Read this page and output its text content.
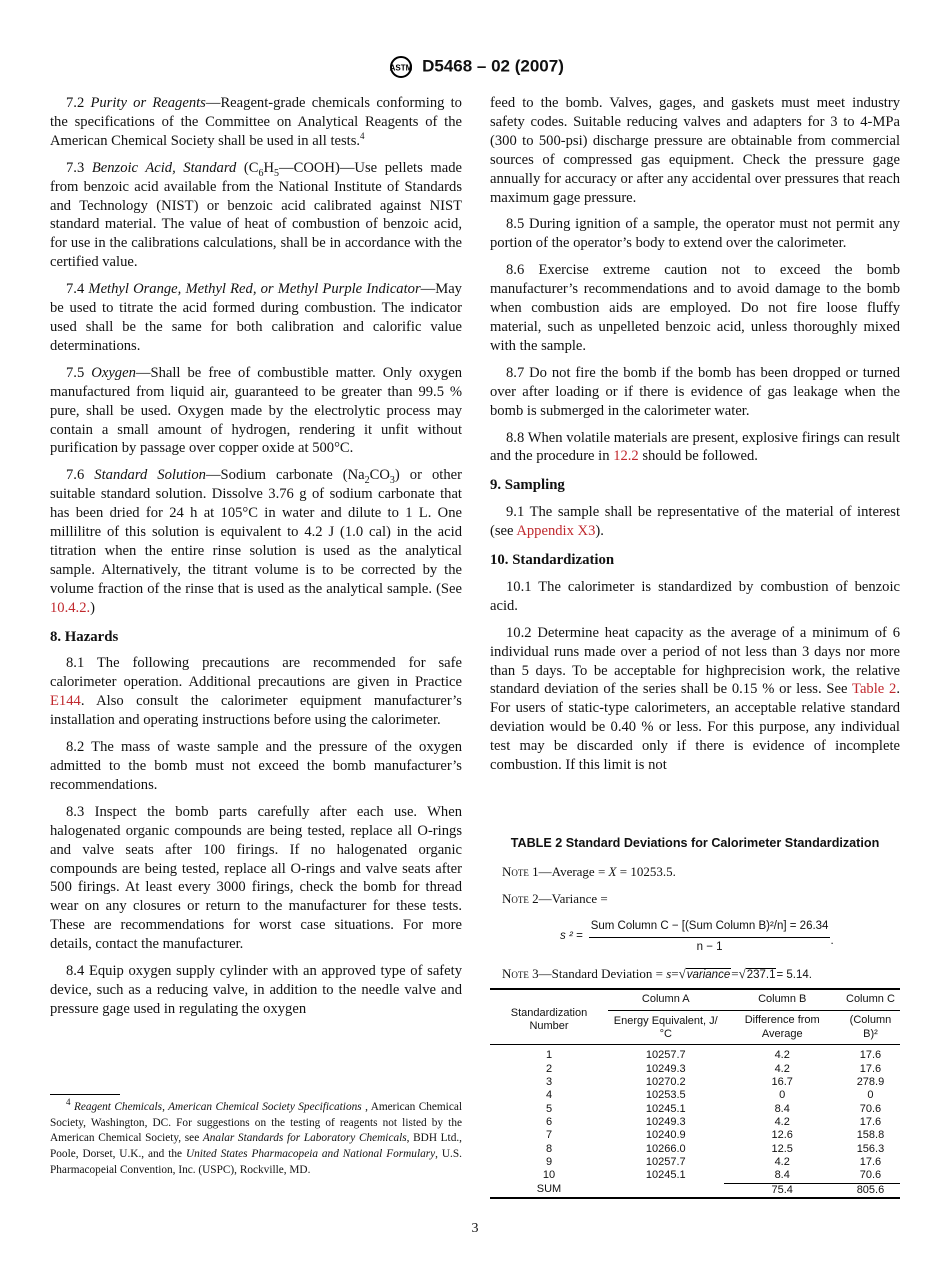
ASTM D5468 – 02 (2007)

7.2 Purity or Reagents—Reagent-grade chemicals conforming to the specifications of the Committee on Analytical Reagents of the American Chemical Society shall be used in all tests.$^4$

7.3 Benzoic Acid, Standard $(C_6H_5—COOH)—Use$ pellets made from benzoic acid available from the National Institute of Standards and Technology (NIST) or benzoic acid calibrated against NIST standard material. The value of heat of combustion of benzoic acid, for use in the calibrations calculations, shall be in accordance with the certified value.

7.4 Methyl Orange, Methyl Red, or Methyl Purple Indicator—May be used to titrate the acid formed during combustion. The indicator used shall be the same for both calibration and calorific value determinations.

7.5 Oxygen—Shall be free of combustible matter. Only oxygen manufactured from liquid air, guaranteed to be greater than 99.5 % pure, shall be used. Oxygen made by the electrolytic process may contain a small amount of hydrogen, rendering it unfit without purification by passage over copper oxide at 500°C.

7.6 Standard Solution—Sodium carbonate $(Na_2CO_3)$ or other suitable standard solution. Dissolve 3.76 g of sodium carbonate that has been dried for 24 h at 105°C in water and dilute to 1 L. One millilitre of this solution is equivalent to 4.2 J (1.0 cal) in the acid titration when the entire rinse solution is used as the analytical sample. Alternatively, the titrant volume is to be corrected by the volume fraction of the rinse that is used as the analytical sample. (See 10.4.2.)

8. Hazards

8.1 The following precautions are recommended for safe calorimeter operation. Additional precautions are given in Practice E144. Also consult the calorimeter equipment manufacturer’s installation and operating instructions before using the calorimeter.

8.2 The mass of waste sample and the pressure of the oxygen admitted to the bomb must not exceed the bomb manufacturer’s recommendations.

8.3 Inspect the bomb parts carefully after each use. When halogenated organic compounds are being tested, replace all O-rings and valve seats after 100 firings. If no halogenated organic compounds are being tested, replace all O-rings and valve seats after 500 firings. At least every 3000 firings, check the bomb for thread wear on any closures or return to the manufacturer for these tests. These are recommendations for worst case situations. For more details, contact the manufacturer.

8.4 Equip oxygen supply cylinder with an approved type of safety device, such as a reducing valve, in addition to the needle valve and pressure gage used in regulating the oxygen

$^4$ Reagent Chemicals, American Chemical Society Specifications , American Chemical Society, Washington, DC. For suggestions on the testing of reagents not listed by the American Chemical Society, see Analar Standards for Laboratory Chemicals, BDH Ltd., Poole, Dorset, U.K., and the United States Pharmacopeia and National Formulary, U.S. Pharmacopeial Convention, Inc. (USPC), Rockville, MD.

feed to the bomb. Valves, gages, and gaskets must meet industry safety codes. Suitable reducing valves and adapters for 3 to 4-MPa (300 to 500-psi) discharge pressure are obtainable from commercial sources of compressed gas equipment. Check the pressure gage annually for accuracy or after any accidental over pressures that reach maximum gage pressure.

8.5 During ignition of a sample, the operator must not permit any portion of the operator’s body to extend over the calorimeter.

8.6 Exercise extreme caution not to exceed the bomb manufacturer’s recommendations and to avoid damage to the bomb when combustion aids are employed. Do not fire loose fluffy material, such as unpelleted benzoic acid, unless thoroughly mixed with the sample.

8.7 Do not fire the bomb if the bomb has been dropped or turned over after loading or if there is evidence of gas leakage when the bomb is submerged in the calorimeter water.

8.8 When volatile materials are present, explosive firings can result and the procedure in 12.2 should be followed.

9. Sampling

9.1 The sample shall be representative of the material of interest (see Appendix X3).

10. Standardization

10.1 The calorimeter is standardized by combustion of benzoic acid.

10.2 Determine heat capacity as the average of a minimum of 6 individual runs made over a period of not less than 3 days nor more than 5 days. To be acceptable for highprecision work, the relative standard deviation of the series shall be 0.15 % or less. See Table 2. For users of static-type calorimeters, an acceptable relative standard deviation would be 0.40 % or less. For this purpose, any individual test may be discarded only if there is evidence of incomplete combustion. If this limit is not

TABLE 2 Standard Deviations for Calorimeter Standardization
Note 1—Average = X = 10253.5.
Note 2—Variance =
s $^2 = \frac{\text{Sum Column C − [(Sum Column B)²/n] = 26.34}}{n - 1}$ .
Note 3—Standard Deviation = s=√variance=√237.1= 5.14.
Standardization Number	Column A	Column B	Column C
	Energy Equivalent, J/°C	Difference from Average	(Column B)²
1	10257.7	4.2	17.6
2	10249.3	4.2	17.6
3	10270.2	16.7	278.9
4	10253.5	0	0
5	10245.1	8.4	70.6
6	10249.3	4.2	17.6
7	10240.9	12.6	158.8
8	10266.0	12.5	156.3
9	10257.7	4.2	17.6
10	10245.1	8.4	70.6
SUM		75.4	805.6
3
